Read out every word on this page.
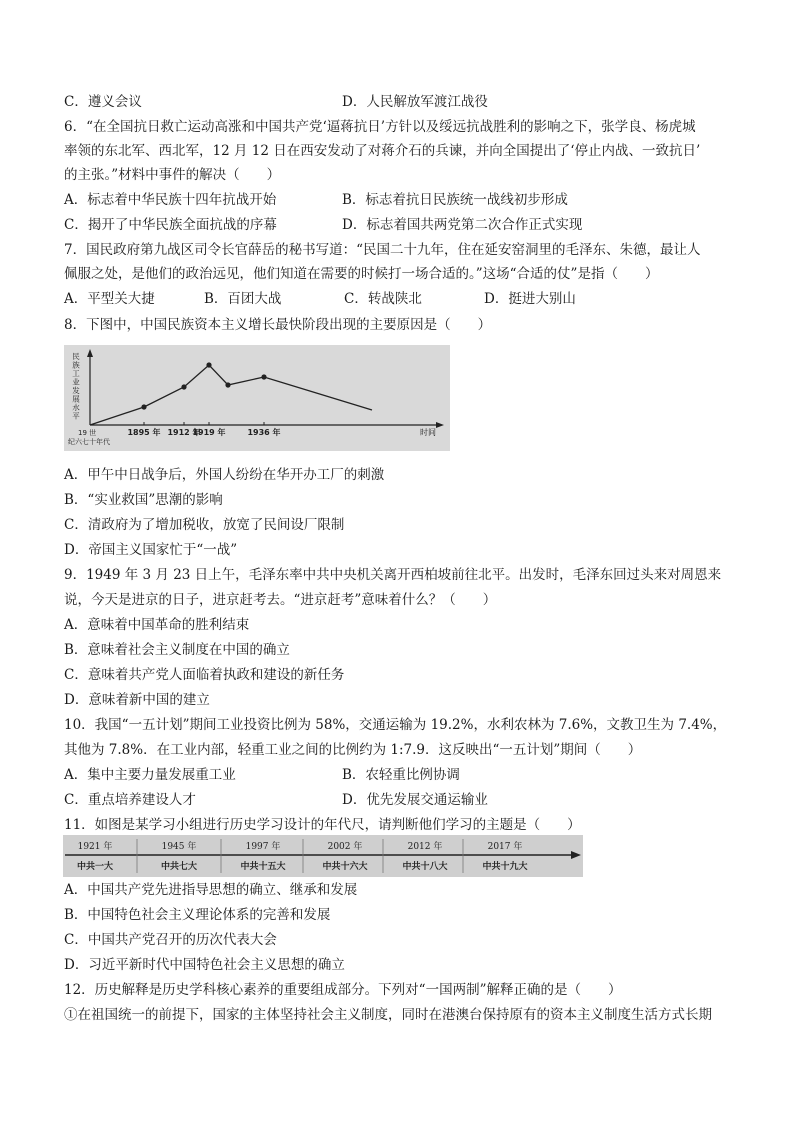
C．遵义会议
6．“在全国抗日救亡运动高涨和中国共产党‘逼蒋抗日’方针以及绥远抗战胜利的影响之下，张学良、杨虎城
率领的东北军、西北军，12 月 12 日在西安发动了对蒋介石的兵谏，并向全国提出了‘停止内战、一致抗日’
的主张。”材料中事件的解决（　　）
A．标志着中华民族十四年抗战开始
C．揭开了中华民族全面抗战的序幕
7．国民政府第九战区司令长官薛岳的秘书写道：“民国二十九年，住在延安窑洞里的毛泽东、朱德，最让人
佩服之处，是他们的政治远见，他们知道在需要的时候打一场合适的。”这场“合适的仗”是指（　　）
8．下图中，中国民族资本主义增长最快阶段出现的主要原因是（　　）
A．甲午中日战争后，外国人纷纷在华开办工厂的刺激
B．“实业救国”思潮的影响
C．清政府为了增加税收，放宽了民间设厂限制
D．帝国主义国家忙于“一战”
9．1949 年 3 月 23 日上午，毛泽东率中共中央机关离开西柏坡前往北平。出发时，毛泽东回过头来对周恩来
说，今天是进京的日子，进京赶考去。“进京赶考”意味着什么？（　　）
A．意味着中国革命的胜利结束
B．意味着社会主义制度在中国的确立
C．意味着共产党人面临着执政和建设的新任务
D．意味着新中国的建立
10．我国“一五计划”期间工业投资比例为 58%，交通运输为 19.2%，水利农林为 7.6%，文教卫生为 7.4%，
其他为 7.8%．在工业内部，轻重工业之间的比例约为 1:7.9．这反映出“一五计划”期间（　　）
A．集中主要力量发展重工业
C．重点培养建设人才
11．如图是某学习小组进行历史学习设计的年代尺，请判断他们学习的主题是（　　）
A．中国共产党先进指导思想的确立、继承和发展
B．中国特色社会主义理论体系的完善和发展
C．中国共产党召开的历次代表大会
D．习近平新时代中国特色社会主义思想的确立
12．历史解释是历史学科核心素养的重要组成部分。下列对“一国两制”解释正确的是（　　）
①在祖国统一的前提下，国家的主体坚持社会主义制度，同时在港澳台保持原有的资本主义制度生活方式长期
D．人民解放军渡江战役
B．标志着抗日民族统一战线初步形成
D．标志着国共两党第二次合作正式实现
B．农轻重比例协调
D．优先发展交通运输业
A．平型关大捷	B．百团大战	C．转战陕北	D．挺进大别山
民
族
工
业
发
展
水
平
1895 年 1912 年
1919 年	1936 年
19 世
纪六七十年代
时间
1921 年
中共一大
1945 年
中共七大
1997 年
中共十五大
2002 年
中共十六大
2012 年
中共十八大
2017 年
中共十九大
